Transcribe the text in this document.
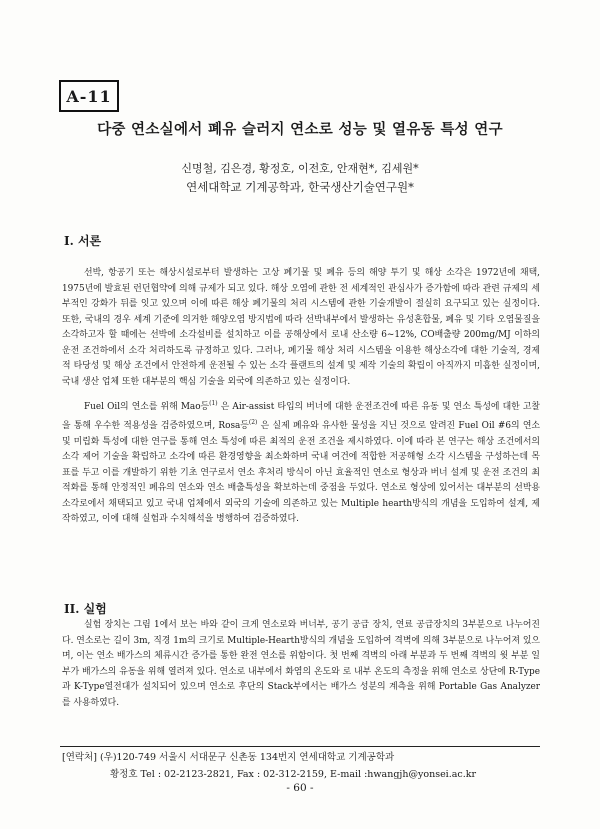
A-11
다중 연소실에서 폐유 슬러지 연소로 성능 및 열유동 특성 연구
신명철, 김은경, 황정호, 이전호, 안재현*, 김세원*
연세대학교 기계공학과, 한국생산기술연구원*
I. 서론

선박, 항공기 또는 해상시설로부터 발생하는 고상 폐기물 및 폐유 등의 해양 투기 및 해상 소각은 1972년에 채택, 1975년에 발효된 런던협약에 의해 규제가 되고 있다. 해상 오염에 관한 전 세계적인 관심사가 증가함에 따라 관련 규제의 세부적인 강화가 뒤를 잇고 있으며 이에 따른 해상 폐기물의 처리 시스템에 관한 기술개발이 절실히 요구되고 있는 실정이다. 또한, 국내의 경우 세계 기준에 의거한 해양오염 방지법에 따라 선박내부에서 발생하는 유성혼합물, 폐유 및 기타 오염물질을 소각하고자 할 때에는 선박에 소각설비를 설치하고 이를 공해상에서 로내 산소량 6~12%, CO배출량 200mg/MJ 이하의 운전 조건하에서 소각 처리하도록 규정하고 있다. 그러나, 폐기물 해상 처리 시스템을 이용한 해상소각에 대한 기술적, 경제적 타당성 및 해상 조건에서 안전하게 운전될 수 있는 소각 플랜트의 설계 및 제작 기술의 확립이 아직까지 미흡한 실정이며, 국내 생산 업체 또한 대부분의 핵심 기술을 외국에 의존하고 있는 실정이다.

Fuel Oil의 연소를 위해 Mao등$^{(1)}$ 은 Air-assist 타입의 버너에 대한 운전조건에 따른 유동 및 연소 특성에 대한 고찰을 통해 우수한 적용성을 검증하였으며, Rosa등$^{(2)}$ 은 실제 폐유와 유사한 물성을 지닌 것으로 알려진 Fuel Oil #6의 연소 및 미립화 특성에 대한 연구를 통해 연소 특성에 따른 최적의 운전 조건을 제시하였다. 이에 따라 본 연구는 해상 조건에서의 소각 제어 기술을 확립하고 소각에 따른 환경영향을 최소화하며 국내 여건에 적합한 저공해형 소각 시스템을 구성하는데 목표를 두고 이를 개발하기 위한 기초 연구로서 연소 후처리 방식이 아닌 효율적인 연소로 형상과 버너 설계 및 운전 조건의 최적화를 통해 안정적인 폐유의 연소와 연소 배출특성을 확보하는데 중점을 두었다. 연소로 형상에 있어서는 대부분의 선박용 소각로에서 채택되고 있고 국내 업체에서 외국의 기술에 의존하고 있는 Multiple hearth방식의 개념을 도입하여 설계, 제작하였고, 이에 대해 실험과 수치해석을 병행하여 검증하였다.

II. 실험

실험 장치는 그림 1에서 보는 바와 같이 크게 연소로와 버너부, 공기 공급 장치, 연료 공급장치의 3부분으로 나누어진다. 연소로는 길이 3m, 직경 1m의 크기로 Multiple-Hearth방식의 개념을 도입하여 격벽에 의해 3부분으로 나누어져 있으며, 이는 연소 배가스의 체류시간 증가를 통한 완전 연소를 위함이다. 첫 번째 격벽의 아래 부분과 두 번째 격벽의 윗 부분 일부가 배가스의 유동을 위해 열려져 있다. 연소로 내부에서 화염의 온도와 로 내부 온도의 측정을 위해 연소로 상단에 R-Type과 K-Type열전대가 설치되어 있으며 연소로 후단의 Stack부에서는 배가스 성분의 계측을 위해 Portable Gas Analyzer를 사용하였다.

[연락처] (우)120-749 서울시 서대문구 신촌동 134번지 연세대학교 기계공학과
황정호 Tel : 02-2123-2821, Fax : 02-312-2159, E-mail :hwangjh@yonsei.ac.kr
- 60 -
